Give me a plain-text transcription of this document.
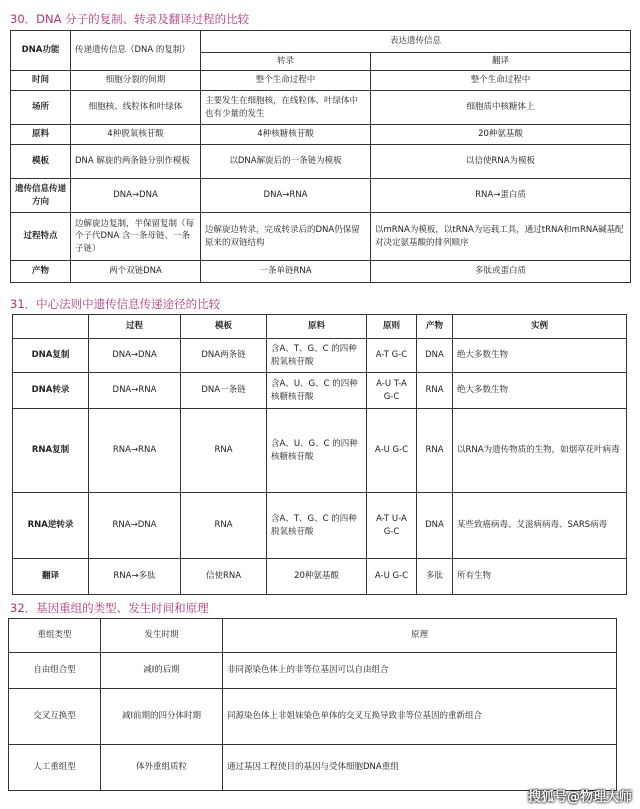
30．DNA 分子的复制、转录及翻译过程的比较
DNA功能	传递遗传信息（DNA 的复制）	表达遗传信息	
		转录	翻译
时间	细胞分裂的间期	整个生命过程中	整个生命过程中
场所	细胞核、线粒体和叶绿体	主要发生在细胞核，在线粒体、叶绿体中也有少量的发生	细胞质中核糖体上
原料	4种脱氧核苷酸	4种核糖核苷酸	20种氨基酸
模板	DNA 解旋的两条链分别作模板	以DNA解旋后的一条链为模板	以信使RNA为模板
遗传信息传递方向	DNA→DNA	DNA→RNA	RNA→蛋白质
过程特点	边解旋边复制，半保留复制（每个子代DNA 含一条母链、一条子链）	边解旋边转录，完成转录后的DNA仍保留原来的双链结构	以mRNA为模板，以tRNA为运载工具，通过tRNA和mRNA碱基配对决定氨基酸的排列顺序
产物	两个双链DNA	一条单链RNA	多肽或蛋白质
31．中心法则中遗传信息传递途径的比较
	过程	模板	原料	原则	产物	实例
DNA复制	DNA→DNA	DNA两条链	含A、T、G、C 的四种脱氧核苷酸	A-T G-C	DNA	绝大多数生物
DNA转录	DNA→RNA	DNA一条链	含A、U、G、C 的四种核糖核苷酸	A-U T-A G-C	RNA	绝大多数生物
RNA复制	RNA→RNA	RNA	含A、U、G、C 的四种核糖核苷酸	A-U G-C	RNA	以RNA为遗传物质的生物，如烟草花叶病毒
RNA逆转录	RNA→DNA	RNA	含A、T、G、C 的四种脱氧核苷酸	A-T U-A G-C	DNA	某些致癌病毒、艾滋病病毒、SARS病毒
翻译	RNA→多肽	信使RNA	20种氨基酸	A-U G-C	多肽	所有生物
32．基因重组的类型、发生时间和原理
重组类型	发生时期	原理
自由组合型	减Ⅰ的后期	非同源染色体上的非等位基因可以自由组合
交叉互换型	减Ⅰ前期的四分体时期	同源染色体上非姐妹染色单体的交叉互换导致非等位基因的重新组合
人工重组型	体外重组质粒	通过基因工程使目的基因与受体细胞DNA重组
搜狐号@物理大师
